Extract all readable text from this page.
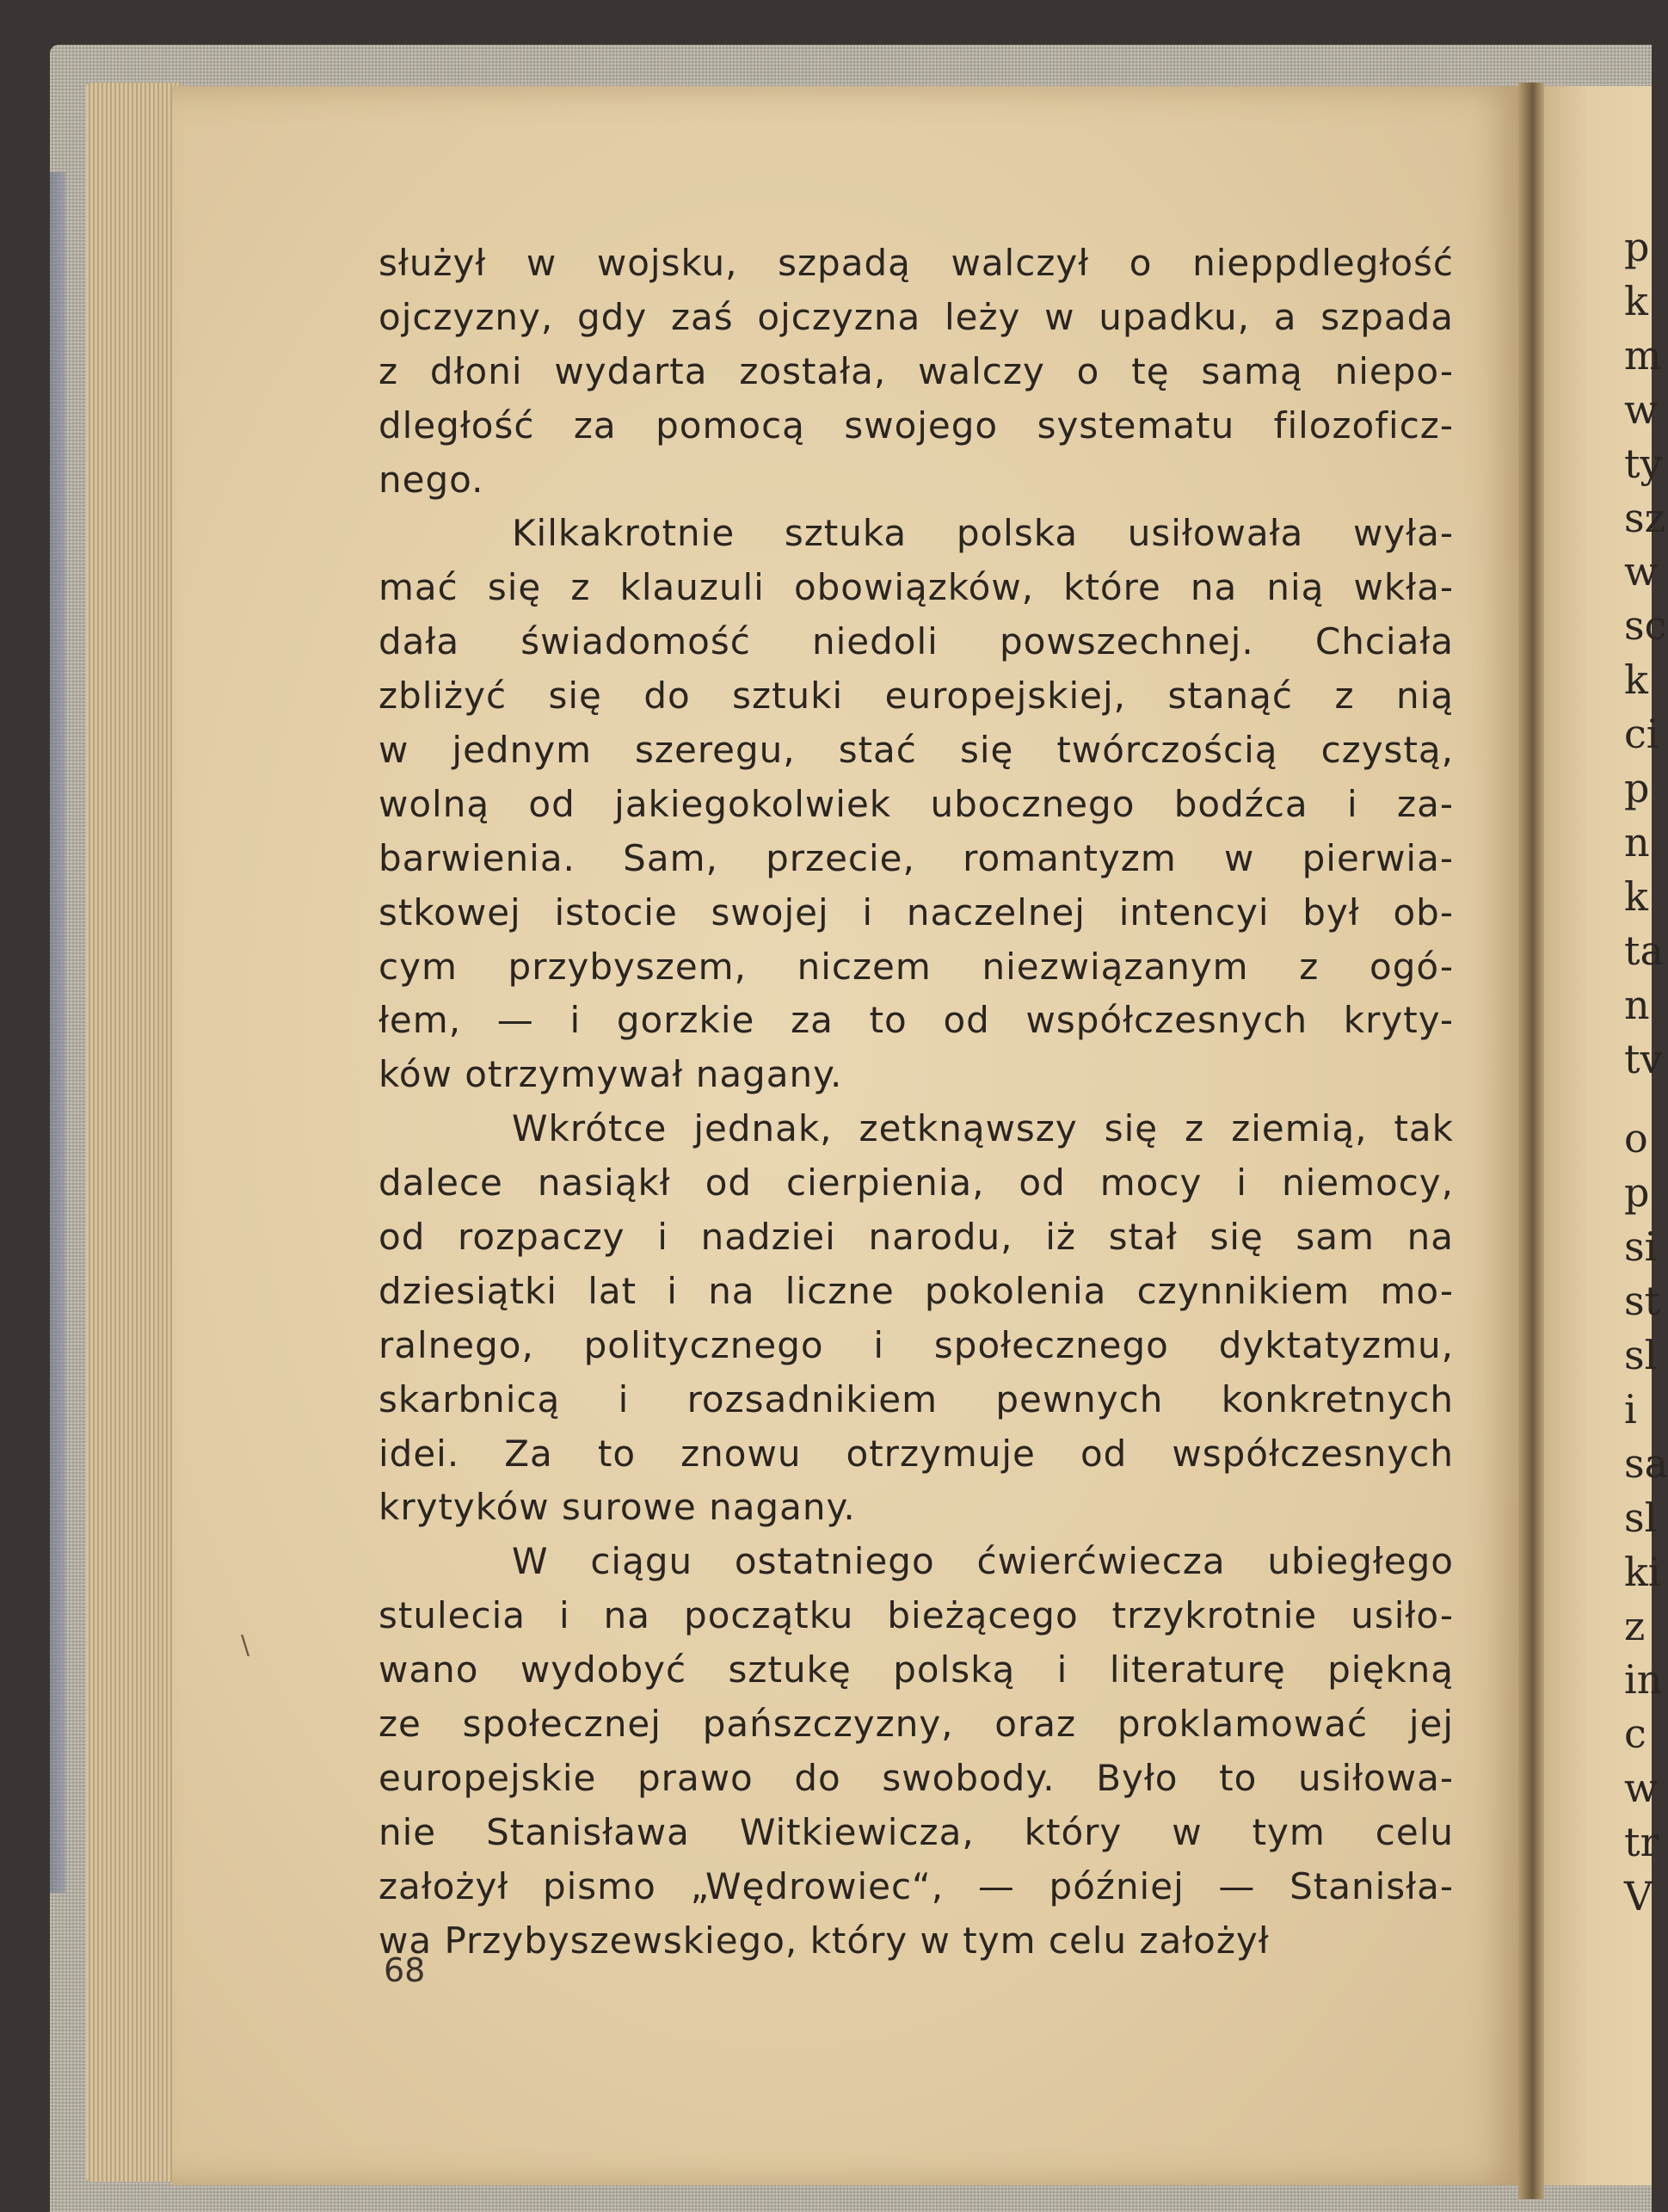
służył w wojsku, szpadą walczył o nieppdległość
ojczyzny, gdy zaś ojczyzna leży w upadku, a szpada
z dłoni wydarta została, walczy o tę samą niepo-
dległość za pomocą swojego systematu filozoficz-
nego.
Kilkakrotnie sztuka polska usiłowała wyła-
mać się z klauzuli obowiązków, które na nią wkła-
dała świadomość niedoli powszechnej. Chciała
zbliżyć się do sztuki europejskiej, stanąć z nią
w jednym szeregu, stać się twórczością czystą,
wolną od jakiegokolwiek ubocznego bodźca i za-
barwienia. Sam, przecie, romantyzm w pierwia-
stkowej istocie swojej i naczelnej intencyi był ob-
cym przybyszem, niczem niezwiązanym z ogó-
łem, — i gorzkie za to od współczesnych kryty-
ków otrzymywał nagany.
Wkrótce jednak, zetknąwszy się z ziemią, tak
dalece nasiąkł od cierpienia, od mocy i niemocy,
od rozpaczy i nadziei narodu, iż stał się sam na
dziesiątki lat i na liczne pokolenia czynnikiem mo-
ralnego, politycznego i społecznego dyktatyzmu,
skarbnicą i rozsadnikiem pewnych konkretnych
idei. Za to znowu otrzymuje od współczesnych
krytyków surowe nagany.
W ciągu ostatniego ćwierćwiecza ubiegłego
stulecia i na początku bieżącego trzykrotnie usiło-
wano wydobyć sztukę polską i literaturę piękną
ze społecznej pańszczyzny, oraz proklamować jej
europejskie prawo do swobody. Było to usiłowa-
nie Stanisława Witkiewicza, który w tym celu
założył pismo „Wędrowiec“, — później — Stanisła-
wa Przybyszewskiego, który w tym celu założył
68
\
p
k
m
w
ty
sz
w
sc
k
ci
p
n
k
ta
n
tv
o
p
si
st
sl
i
sa
sl
ki
z
in
c
w
tr
V
